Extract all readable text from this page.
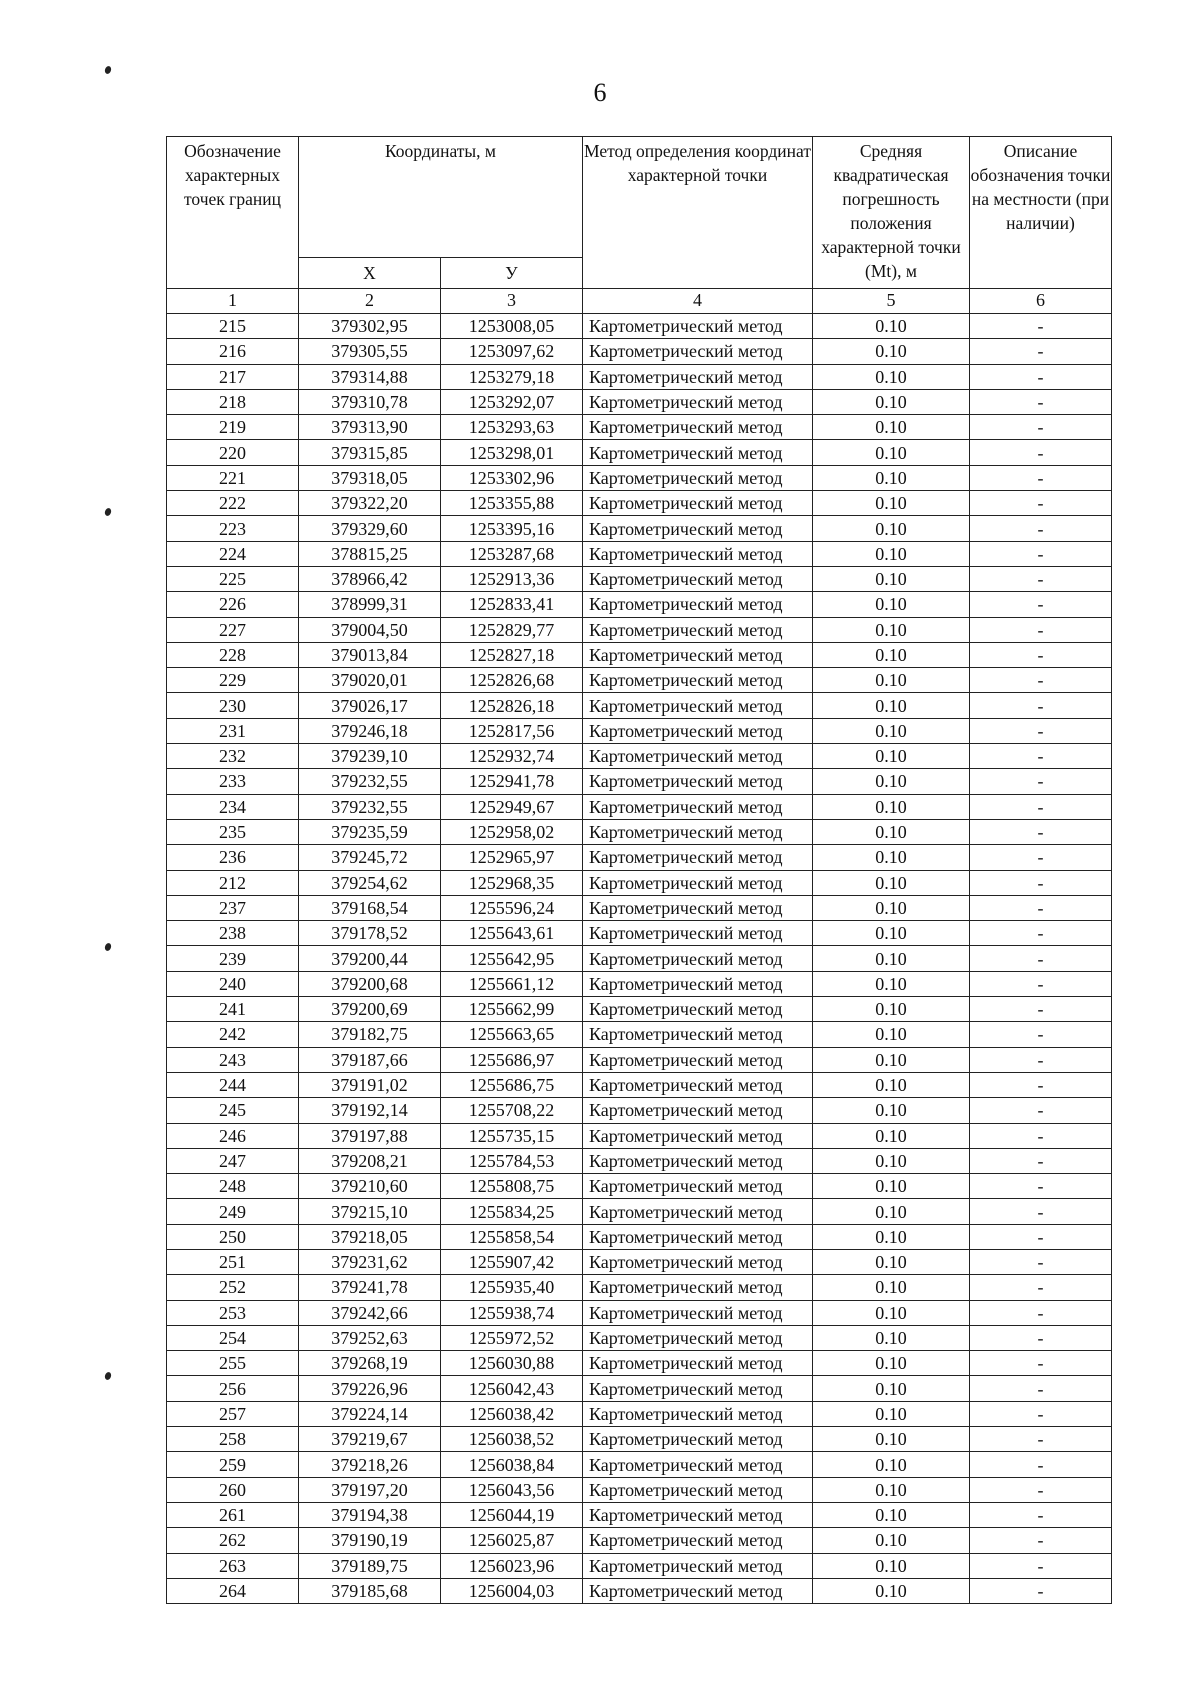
6
Обозначение характерных точек границ	Координаты, м		Метод определения координат характерной точки	Средняя квадратическая погрешность положения характерной точки (Мt), м	Описание обозначения точки на местности (при наличии)
	X	У			
1	2	3	4	5	6
215	379302,95	1253008,05	Картометрический метод	0.10	-
216	379305,55	1253097,62	Картометрический метод	0.10	-
217	379314,88	1253279,18	Картометрический метод	0.10	-
218	379310,78	1253292,07	Картометрический метод	0.10	-
219	379313,90	1253293,63	Картометрический метод	0.10	-
220	379315,85	1253298,01	Картометрический метод	0.10	-
221	379318,05	1253302,96	Картометрический метод	0.10	-
222	379322,20	1253355,88	Картометрический метод	0.10	-
223	379329,60	1253395,16	Картометрический метод	0.10	-
224	378815,25	1253287,68	Картометрический метод	0.10	-
225	378966,42	1252913,36	Картометрический метод	0.10	-
226	378999,31	1252833,41	Картометрический метод	0.10	-
227	379004,50	1252829,77	Картометрический метод	0.10	-
228	379013,84	1252827,18	Картометрический метод	0.10	-
229	379020,01	1252826,68	Картометрический метод	0.10	-
230	379026,17	1252826,18	Картометрический метод	0.10	-
231	379246,18	1252817,56	Картометрический метод	0.10	-
232	379239,10	1252932,74	Картометрический метод	0.10	-
233	379232,55	1252941,78	Картометрический метод	0.10	-
234	379232,55	1252949,67	Картометрический метод	0.10	-
235	379235,59	1252958,02	Картометрический метод	0.10	-
236	379245,72	1252965,97	Картометрический метод	0.10	-
212	379254,62	1252968,35	Картометрический метод	0.10	-
237	379168,54	1255596,24	Картометрический метод	0.10	-
238	379178,52	1255643,61	Картометрический метод	0.10	-
239	379200,44	1255642,95	Картометрический метод	0.10	-
240	379200,68	1255661,12	Картометрический метод	0.10	-
241	379200,69	1255662,99	Картометрический метод	0.10	-
242	379182,75	1255663,65	Картометрический метод	0.10	-
243	379187,66	1255686,97	Картометрический метод	0.10	-
244	379191,02	1255686,75	Картометрический метод	0.10	-
245	379192,14	1255708,22	Картометрический метод	0.10	-
246	379197,88	1255735,15	Картометрический метод	0.10	-
247	379208,21	1255784,53	Картометрический метод	0.10	-
248	379210,60	1255808,75	Картометрический метод	0.10	-
249	379215,10	1255834,25	Картометрический метод	0.10	-
250	379218,05	1255858,54	Картометрический метод	0.10	-
251	379231,62	1255907,42	Картометрический метод	0.10	-
252	379241,78	1255935,40	Картометрический метод	0.10	-
253	379242,66	1255938,74	Картометрический метод	0.10	-
254	379252,63	1255972,52	Картометрический метод	0.10	-
255	379268,19	1256030,88	Картометрический метод	0.10	-
256	379226,96	1256042,43	Картометрический метод	0.10	-
257	379224,14	1256038,42	Картометрический метод	0.10	-
258	379219,67	1256038,52	Картометрический метод	0.10	-
259	379218,26	1256038,84	Картометрический метод	0.10	-
260	379197,20	1256043,56	Картометрический метод	0.10	-
261	379194,38	1256044,19	Картометрический метод	0.10	-
262	379190,19	1256025,87	Картометрический метод	0.10	-
263	379189,75	1256023,96	Картометрический метод	0.10	-
264	379185,68	1256004,03	Картометрический метод	0.10	-
